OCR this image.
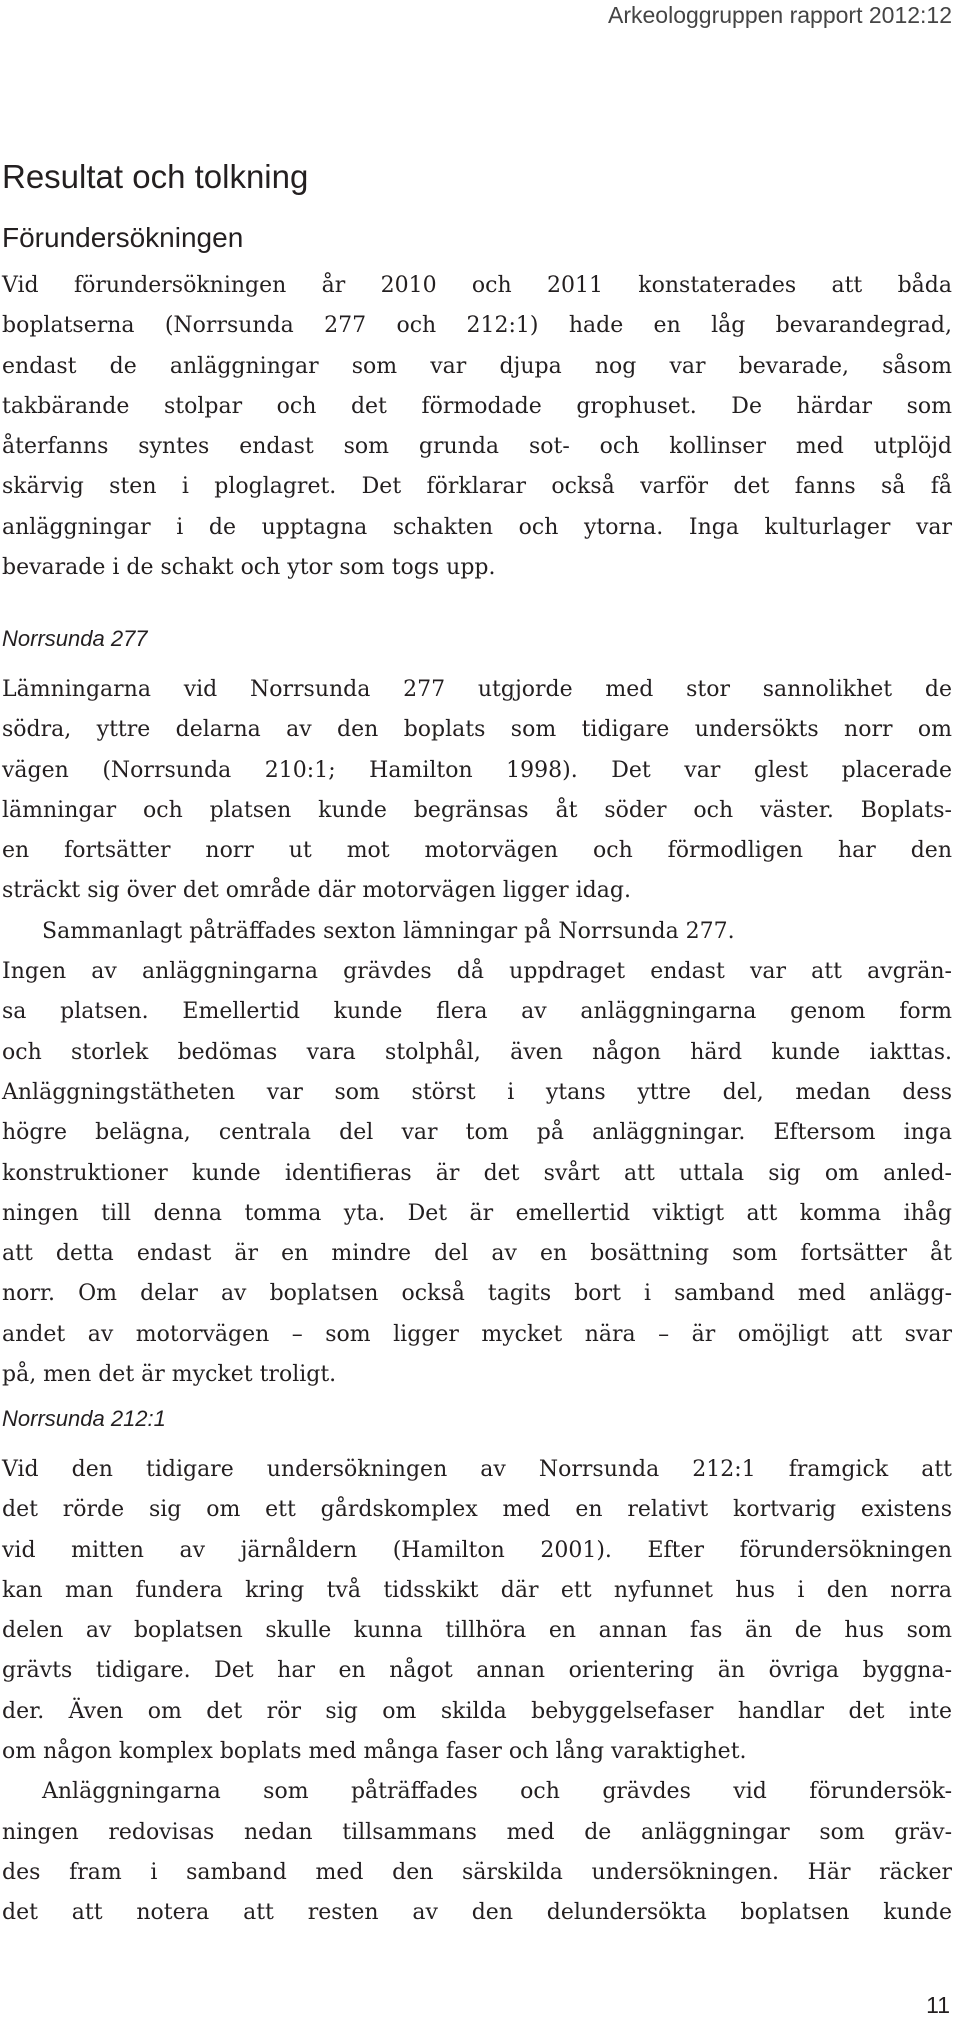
Arkeologgruppen rapport 2012:12
Resultat och tolkning
Förundersökningen
Vid förundersökningen år 2010 och 2011 konstaterades att båda
boplatserna (Norrsunda 277 och 212:1) hade en låg bevarandegrad,
endast de anläggningar som var djupa nog var bevarade, såsom
takbärande stolpar och det förmodade grophuset. De härdar som
återfanns syntes endast som grunda sot- och kollinser med utplöjd
skärvig sten i ploglagret. Det förklarar också varför det fanns så få
anläggningar i de upptagna schakten och ytorna. Inga kulturlager var
bevarade i de schakt och ytor som togs upp.
Norrsunda 277
Lämningarna vid Norrsunda 277 utgjorde med stor sannolikhet de
södra, yttre delarna av den boplats som tidigare undersökts norr om
vägen (Norrsunda 210:1; Hamilton 1998). Det var glest placerade
lämningar och platsen kunde begränsas åt söder och väster. Boplats-
en fortsätter norr ut mot motorvägen och förmodligen har den
sträckt sig över det område där motorvägen ligger idag.
Sammanlagt påträffades sexton lämningar på Norrsunda 277.
Ingen av anläggningarna grävdes då uppdraget endast var att avgrän-
sa platsen. Emellertid kunde flera av anläggningarna genom form
och storlek bedömas vara stolphål, även någon härd kunde iakttas.
Anläggningstätheten var som störst i ytans yttre del, medan dess
högre belägna, centrala del var tom på anläggningar. Eftersom inga
konstruktioner kunde identifieras är det svårt att uttala sig om anled-
ningen till denna tomma yta. Det är emellertid viktigt att komma ihåg
att detta endast är en mindre del av en bosättning som fortsätter åt
norr. Om delar av boplatsen också tagits bort i samband med anlägg-
andet av motorvägen – som ligger mycket nära – är omöjligt att svar
på, men det är mycket troligt.
Norrsunda 212:1
Vid den tidigare undersökningen av Norrsunda 212:1 framgick att
det rörde sig om ett gårdskomplex med en relativt kortvarig existens
vid mitten av järnåldern (Hamilton 2001). Efter förundersökningen
kan man fundera kring två tidsskikt där ett nyfunnet hus i den norra
delen av boplatsen skulle kunna tillhöra en annan fas än de hus som
grävts tidigare. Det har en något annan orientering än övriga byggna-
der. Även om det rör sig om skilda bebyggelsefaser handlar det inte
om någon komplex boplats med många faser och lång varaktighet.
Anläggningarna som påträffades och grävdes vid förundersök-
ningen redovisas nedan tillsammans med de anläggningar som gräv-
des fram i samband med den särskilda undersökningen. Här räcker
det att notera att resten av den delundersökta boplatsen kunde
11
